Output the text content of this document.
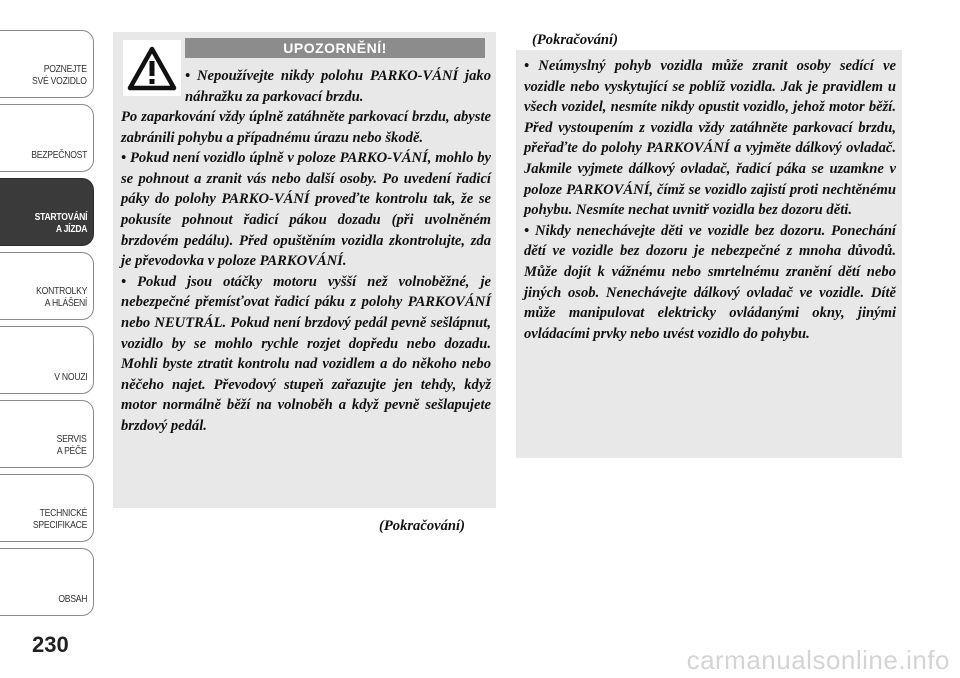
POZNEJTE
SVÉ VOZIDLO
BEZPEČNOST
STARTOVÁNÍ
A JÍZDA
KONTROLKY
A HLÁŠENÍ
V NOUZI
SERVIS
A PÉČE
TECHNICKÉ
SPECIFIKACE
OBSAH
230
UPOZORNĚNÍ!

• Nepoužívejte nikdy polohu PARKO-VÁNÍ jako náhražku za parkovací brzdu.

Po zaparkování vždy úplně zatáhněte parkovací brzdu, abyste zabránili pohybu a případnému úrazu nebo škodě.

• Pokud není vozidlo úplně v poloze PARKO-VÁNÍ, mohlo by se pohnout a zranit vás nebo další osoby. Po uvedení řadicí páky do polohy PARKO-VÁNÍ proveďte kontrolu tak, že se pokusíte pohnout řadicí pákou dozadu (při uvolněném brzdovém pedálu). Před opuštěním vozidla zkontrolujte, zda je převodovka v poloze PARKOVÁNÍ.

• Pokud jsou otáčky motoru vyšší než volnoběžné, je nebezpečné přemísťovat řadicí páku z polohy PARKOVÁNÍ nebo NEUTRÁL. Pokud není brzdový pedál pevně sešlápnut, vozidlo by se mohlo rychle rozjet dopředu nebo dozadu. Mohli byste ztratit kontrolu nad vozidlem a do někoho nebo něčeho najet. Převodový stupeň zařazujte jen tehdy, když motor normálně běží na volnoběh a když pevně sešlapujete brzdový pedál.

(Pokračování)
(Pokračování)

• Neúmyslný pohyb vozidla může zranit osoby sedící ve vozidle nebo vyskytující se poblíž vozidla. Jak je pravidlem u všech vozidel, nesmíte nikdy opustit vozidlo, jehož motor běží. Před vystoupením z vozidla vždy zatáhněte parkovací brzdu, přeřaďte do polohy PARKOVÁNÍ a vyjměte dálkový ovladač. Jakmile vyjmete dálkový ovladač, řadicí páka se uzamkne v poloze PARKOVÁNÍ, čímž se vozidlo zajistí proti nechtěnému pohybu. Nesmíte nechat uvnitř vozidla bez dozoru děti.

• Nikdy nenechávejte děti ve vozidle bez dozoru. Ponechání dětí ve vozidle bez dozoru je nebezpečné z mnoha důvodů. Může dojít k vážnému nebo smrtelnému zranění dětí nebo jiných osob. Nenechávejte dálkový ovladač ve vozidle. Dítě může manipulovat elektricky ovládanými okny, jinými ovládacími prvky nebo uvést vozidlo do pohybu.

carmanualsonline.info
